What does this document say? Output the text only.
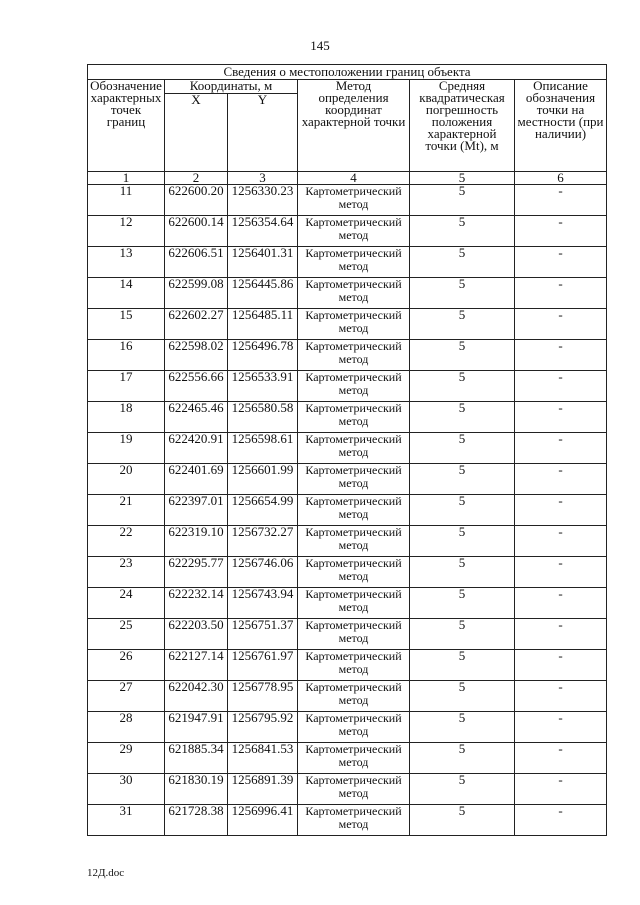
145
Сведения о местоположении границ объекта					
Обозначение характерных точек границ	Координаты, м		Метод определения координат характерной точки	Средняя квадратическая погрешность положения характерной точки (Mt), м	Описание обозначения точки на местности (при наличии)
	X	Y			
1	2	3	4	5	6
11	622600.20	1256330.23	Картометрический метод	5	-
12	622600.14	1256354.64	Картометрический метод	5	-
13	622606.51	1256401.31	Картометрический метод	5	-
14	622599.08	1256445.86	Картометрический метод	5	-
15	622602.27	1256485.11	Картометрический метод	5	-
16	622598.02	1256496.78	Картометрический метод	5	-
17	622556.66	1256533.91	Картометрический метод	5	-
18	622465.46	1256580.58	Картометрический метод	5	-
19	622420.91	1256598.61	Картометрический метод	5	-
20	622401.69	1256601.99	Картометрический метод	5	-
21	622397.01	1256654.99	Картометрический метод	5	-
22	622319.10	1256732.27	Картометрический метод	5	-
23	622295.77	1256746.06	Картометрический метод	5	-
24	622232.14	1256743.94	Картометрический метод	5	-
25	622203.50	1256751.37	Картометрический метод	5	-
26	622127.14	1256761.97	Картометрический метод	5	-
27	622042.30	1256778.95	Картометрический метод	5	-
28	621947.91	1256795.92	Картометрический метод	5	-
29	621885.34	1256841.53	Картометрический метод	5	-
30	621830.19	1256891.39	Картометрический метод	5	-
31	621728.38	1256996.41	Картометрический метод	5	-
12Д.doc
